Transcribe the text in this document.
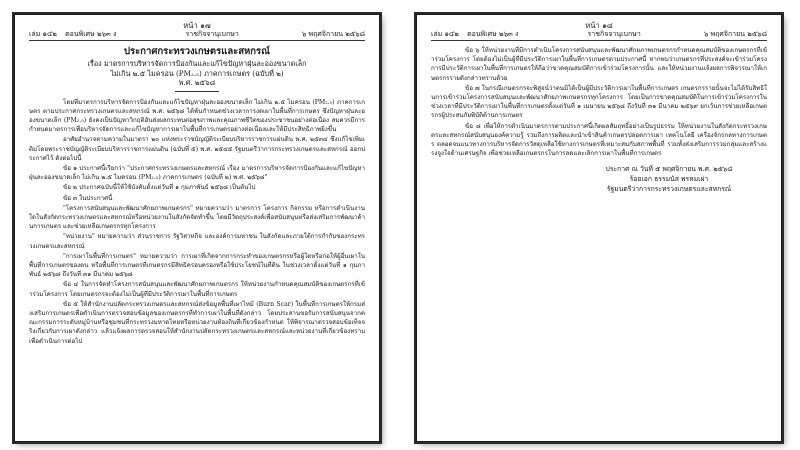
หน้า ๑๗
เล่ม ๑๔๒ ตอนพิเศษ ๒๖๓ ง	ราชกิจจานุเบกษา	๖ พฤศจิกายน ๒๕๖๘
ประกาศกระทรวงเกษตรและสหกรณ์
เรื่อง มาตรการบริหารจัดการป้องกันและแก้ไขปัญหาฝุ่นละอองขนาดเล็ก
ไม่เกิน ๒.๕ ไมครอน (PM₂.₅) ภาคการเกษตร (ฉบับที่ ๒)
พ.ศ. ๒๕๖๘

โดยที่มาตรการบริหารจัดการป้องกันและแก้ไขปัญหาฝุ่นละอองขนาดเล็ก ไม่เกิน ๒.๕ ไมครอน (PM₂.₅) ภาคการเกษตร ตามประกาศกระทรวงเกษตรและสหกรณ์ พ.ศ. ๒๕๖๘ ได้พ้นกำหนดช่วงเวลาการงดเผาในพื้นที่การเกษตร ซึ่งปัญหาฝุ่นละอองขนาดเล็ก (PM₂.₅) ยังคงเป็นปัญหาวิกฤติอันส่งผลกระทบต่อสุขภาพและคุณภาพชีวิตของประชาชนอย่างต่อเนื่อง สมควรมีการกำหนดมาตรการเพื่อบริหารจัดการและแก้ไขปัญหาการเผาในพื้นที่การเกษตรอย่างต่อเนื่องและให้มีประสิทธิภาพยิ่งขึ้น

อาศัยอำนาจตามความในมาตรา ๒๐ แห่งพระราชบัญญัติระเบียบบริหารราชการแผ่นดิน พ.ศ. ๒๕๓๔ ซึ่งแก้ไขเพิ่มเติมโดยพระราชบัญญัติระเบียบบริหารราชการแผ่นดิน (ฉบับที่ ๕) พ.ศ. ๒๕๔๕ รัฐมนตรีว่าการกระทรวงเกษตรและสหกรณ์ ออกประกาศไว้ ดังต่อไปนี้

ข้อ ๑ ประกาศนี้เรียกว่า "ประกาศกระทรวงเกษตรและสหกรณ์ เรื่อง มาตรการบริหารจัดการป้องกันและแก้ไขปัญหาฝุ่นละอองขนาดเล็ก ไม่เกิน ๒.๕ ไมครอน (PM₂.₅) ภาคการเกษตร (ฉบับที่ ๒) พ.ศ. ๒๕๖๘"

ข้อ ๒ ประกาศฉบับนี้ให้ใช้บังคับตั้งแต่วันที่ ๑ กุมภาพันธ์ ๒๕๖๘ เป็นต้นไป

ข้อ ๓ ในประกาศนี้

"โครงการสนับสนุนและพัฒนาศักยภาพเกษตรกร" หมายความว่า มาตรการ โครงการ กิจกรรม หรือการดำเนินงานใดในสังกัดกระทรวงเกษตรและสหกรณ์หรือหน่วยงานในสังกัดจัดทำขึ้น โดยมีวัตถุประสงค์เพื่อสนับสนุนหรือส่งเสริมการพัฒนาด้านการเกษตร และช่วยเหลือเกษตรกรทุกโครงการ

"หน่วยงาน" หมายความว่า ส่วนราชการ รัฐวิสาหกิจ และองค์การมหาชน ในสังกัดและภายใต้การกำกับของกระทรวงเกษตรและสหกรณ์

"การเผาในพื้นที่การเกษตร" หมายความว่า การเผาที่เกิดจากการกระทำของเกษตรกรหรือผู้ใดหรือก่อให้ผู้อื่นเผาในพื้นที่การเกษตรของตน หรือพื้นที่การเกษตรที่เกษตรกรมีสิทธิครอบครองหรือใช้ประโยชน์ในที่ดิน ในช่วงเวลาตั้งแต่วันที่ ๑ กุมภาพันธ์ ๒๕๖๘ ถึงวันที่ ๓๑ มีนาคม ๒๕๖๘

ข้อ ๔ ในการจัดทำโครงการสนับสนุนและพัฒนาศักยภาพเกษตรกร ให้หน่วยงานกำหนดคุณสมบัติของเกษตรกรที่เข้าร่วมโครงการ โดยเกษตรกรจะต้องไม่เป็นผู้ที่มีประวัติการเผาในพื้นที่การเกษตร

ข้อ ๕ ให้สำนักงานปลัดกระทรวงเกษตรและสหกรณ์ส่งข้อมูลพื้นที่เผาไหม้ (Burn Scar) ในพื้นที่การเกษตรให้กรมส่งเสริมการเกษตรเพื่อดำเนินการตรวจสอบข้อมูลของเกษตรกรที่ทำการเผาในพื้นที่ดังกล่าว โดยประสานขอรับการสนับสนุนจากคณะกรรมการระดับหมู่บ้านหรือชุมชนที่กระทรวงมหาดไทยหรือหน่วยงานท้องถิ่นที่เกี่ยวข้องกำหนด ให้พิจารณาตรวจสอบข้อเท็จจริงเกี่ยวกับการเผาดังกล่าว แล้วแจ้งผลการตรวจสอบให้สำนักงานปลัดกระทรวงเกษตรและสหกรณ์และหน่วยงานที่เกี่ยวข้องทราบเพื่อดำเนินการต่อไป

หน้า ๑๘
เล่ม ๑๔๒ ตอนพิเศษ ๒๖๓ ง	ราชกิจจานุเบกษา	๖ พฤศจิกายน ๒๕๖๘

ข้อ ๖ ให้หน่วยงานที่มีการดำเนินโครงการสนับสนุนและพัฒนาศักยภาพเกษตรกรกำหนดคุณสมบัติของเกษตรกรที่เข้าร่วมโครงการ โดยต้องไม่เป็นผู้ที่มีประวัติการเผาในพื้นที่การเกษตรตามประกาศนี้ หากพบว่าเกษตรกรที่ประสงค์จะเข้าร่วมโครงการมีประวัติการเผาในพื้นที่การเกษตรให้ถือว่าขาดคุณสมบัติการเข้าร่วมโครงการนั้น และให้หน่วยงานแจ้งผลการพิจารณาให้เกษตรกรรายดังกล่าวทราบด้วย

ข้อ ๗ ในกรณีเกษตรกรจะพิสูจน์ว่าตนมิได้เป็นผู้มีประวัติการเผาในพื้นที่การเกษตร เกษตรกรรายนั้นจะไม่ได้รับสิทธิในการเข้าร่วมโครงการสนับสนุนและพัฒนาศักยภาพเกษตรกรทุกโครงการ โดยเป็นการขาดคุณสมบัติในการเข้าร่วมโครงการในช่วงเวลาที่มีประวัติการเผาในพื้นที่การเกษตรตั้งแต่วันที่ ๑ เมษายน ๒๕๖๘ ถึงวันที่ ๓๑ มีนาคม ๒๕๖๙ ยกเว้นการช่วยเหลือเกษตรกรผู้ประสบภัยพิบัติด้านการเกษตร

ข้อ ๘ เพื่อให้การดำเนินมาตรการตามประกาศนี้เกิดผลสัมฤทธิ์อย่างเป็นรูปธรรม ให้หน่วยงานในสังกัดกระทรวงเกษตรและสหกรณ์สนับสนุนองค์ความรู้ รวมถึงการผลิตและนำเข้าสินค้าเกษตรปลอดการเผา เทคโนโลยี เครื่องจักรกลทางการเกษตร ตลอดจนแนวทางการบริหารจัดการวัสดุเหลือใช้ทางการเกษตรที่เหมาะสมกับสภาพพื้นที่ รวมทั้งส่งเสริมการรวมกลุ่มและสร้างแรงจูงใจด้านเศรษฐกิจ เพื่อช่วยเหลือเกษตรกรในการลดและเลิกการเผาในพื้นที่การเกษตร

ประกาศ ณ วันที่ ๕ พฤศจิกายน พ.ศ. ๒๕๖๘
ร้อยเอก ธรรมนัส พรหมเผ่า
รัฐมนตรีว่าการกระทรวงเกษตรและสหกรณ์
